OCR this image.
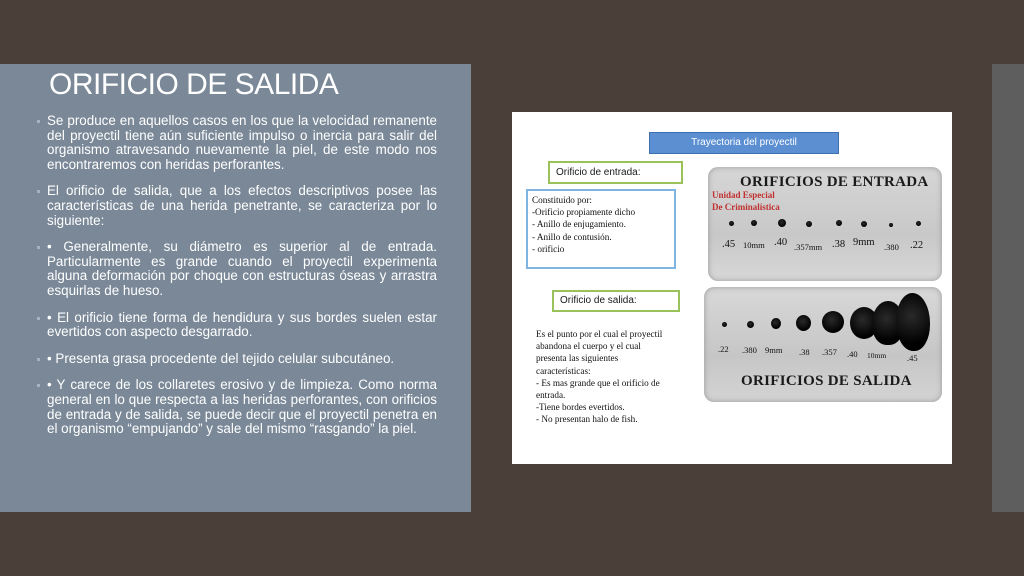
ORIFICIO DE SALIDA

Se produce en aquellos casos en los que la velocidad remanente del proyectil tiene aún suficiente impulso o inercia para salir del organismo atravesando nuevamente la piel, de este modo nos encontraremos con heridas perforantes.

El orificio de salida, que a los efectos descriptivos posee las características de una herida penetrante, se caracteriza por lo siguiente:

• Generalmente, su diámetro es superior al de entrada. Particularmente es grande cuando el proyectil experimenta alguna deformación por choque con estructuras óseas y arrastra esquirlas de hueso.

• El orificio tiene forma de hendidura y sus bordes suelen estar evertidos con aspecto desgarrado.

• Presenta grasa procedente del tejido celular subcutáneo.

• Y carece de los collaretes erosivo y de limpieza. Como norma general en lo que respecta a las heridas perforantes, con orificios de entrada y de salida, se puede decir que el proyectil penetra en el organismo “empujando” y sale del mismo “rasgando” la piel.

Trayectoria del proyectil
Orificio de entrada:
Constituido por:
-Orificio propiamente dicho
- Anillo de enjugamiento.
- Anillo de contusión.
- orificio
Orificio de salida:
Es el punto por el cual el proyectil
abandona el cuerpo y el cual
presenta las siguientes
características:
- Es mas grande que el orificio de
entrada.
-Tiene bordes evertidos.
- No presentan halo de fish.
ORIFICIOS DE ENTRADA
Unidad Especial
De Criminalística
.45 10mm .40 .357mm .38 9mm .380 .22
.22 .380 9mm .38 .357 .40 10mm .45
ORIFICIOS DE SALIDA
